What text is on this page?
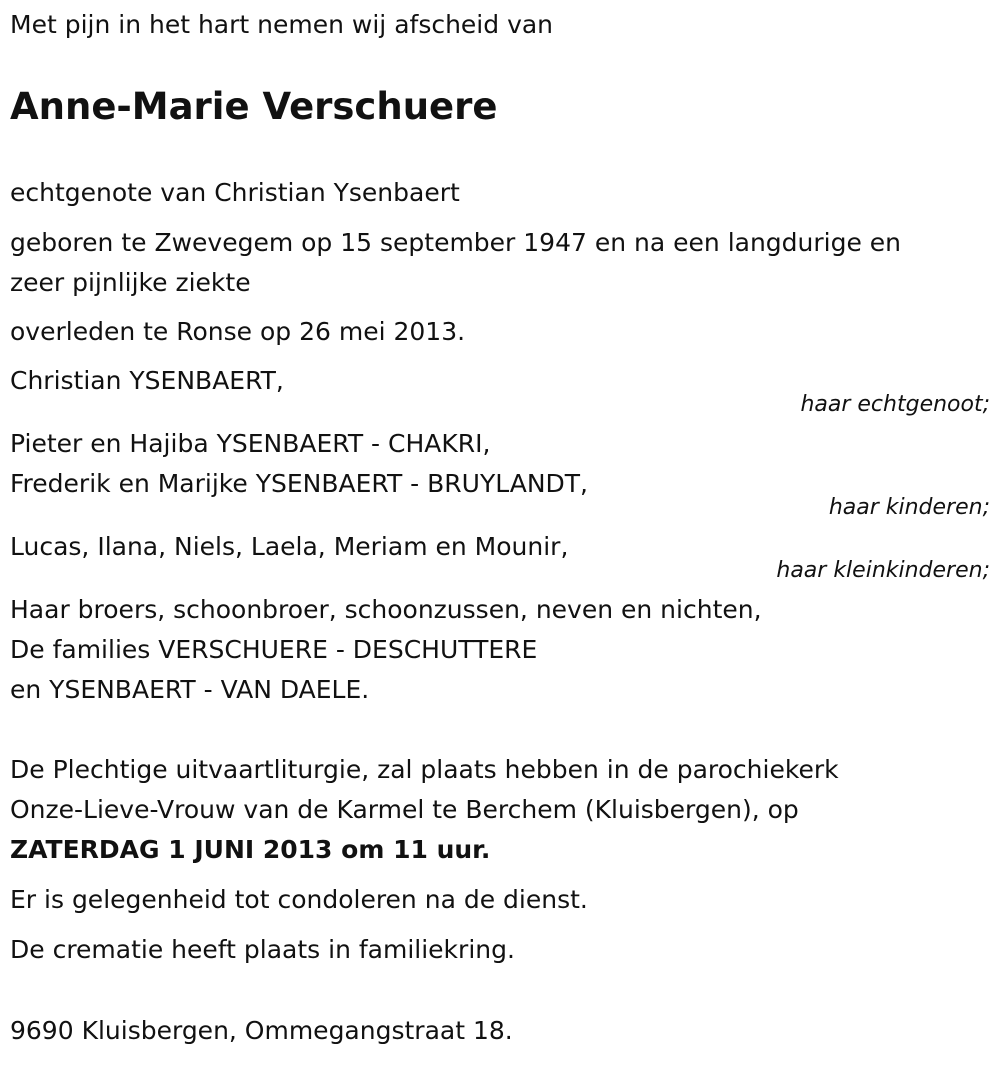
Met pijn in het hart nemen wij afscheid van
Anne-Marie Verschuere
echtgenote van Christian Ysenbaert
geboren te Zwevegem op 15 september 1947 en na een langdurige en
zeer pijnlijke ziekte
overleden te Ronse op 26 mei 2013.
Christian YSENBAERT,
haar echtgenoot;
Pieter en Hajiba YSENBAERT - CHAKRI,
Frederik en Marijke YSENBAERT - BRUYLANDT,
haar kinderen;
Lucas, Ilana, Niels, Laela, Meriam en Mounir,
haar kleinkinderen;
Haar broers, schoonbroer, schoonzussen, neven en nichten,
De families VERSCHUERE - DESCHUTTERE
en YSENBAERT - VAN DAELE.
De Plechtige uitvaartliturgie, zal plaats hebben in de parochiekerk
Onze-Lieve-Vrouw van de Karmel te Berchem (Kluisbergen), op
ZATERDAG 1 JUNI 2013 om 11 uur.
Er is gelegenheid tot condoleren na de dienst.
De crematie heeft plaats in familiekring.
9690 Kluisbergen, Ommegangstraat 18.
